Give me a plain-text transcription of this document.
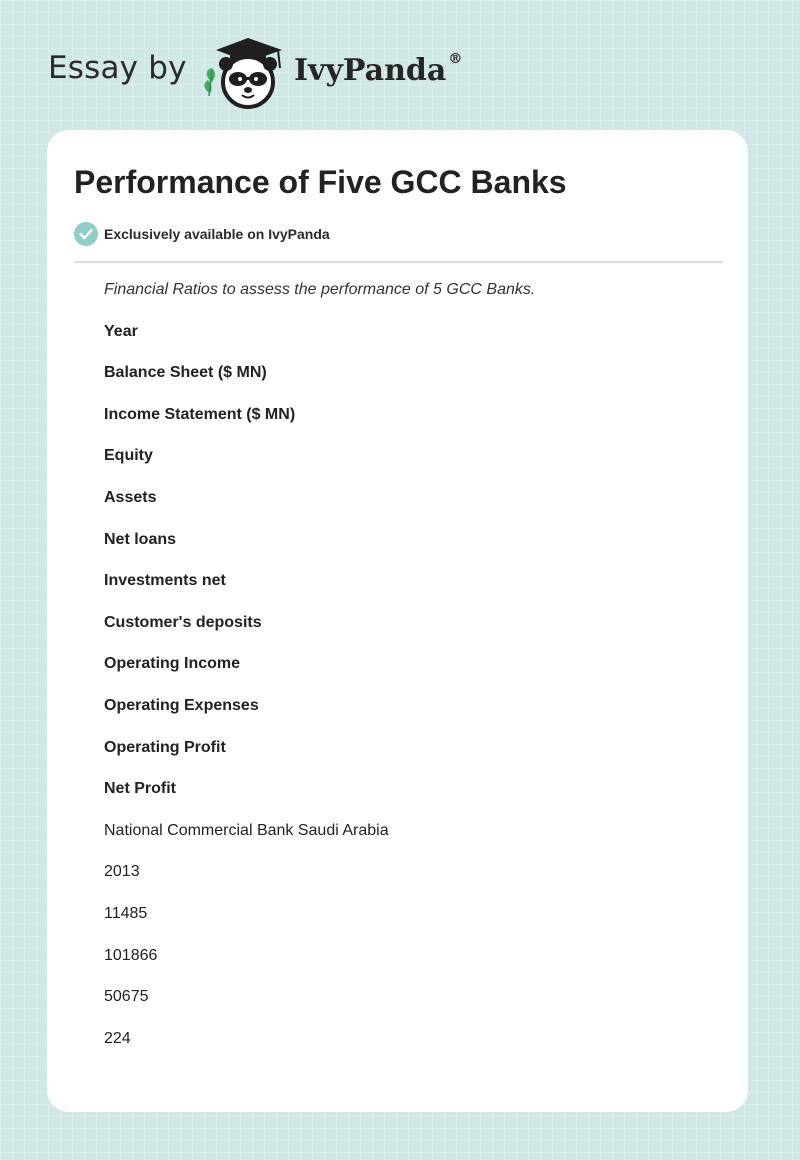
Essay by	IvyPanda ®
Performance of Five GCC Banks
Exclusively available on IvyPanda

Financial Ratios to assess the performance of 5 GCC Banks.

Year

Balance Sheet ($ MN)

Income Statement ($ MN)

Equity

Assets

Net loans

Investments net

Customer's deposits

Operating Income

Operating Expenses

Operating Profit

Net Profit

National Commercial Bank Saudi Arabia

2013

11485

101866

50675

224
